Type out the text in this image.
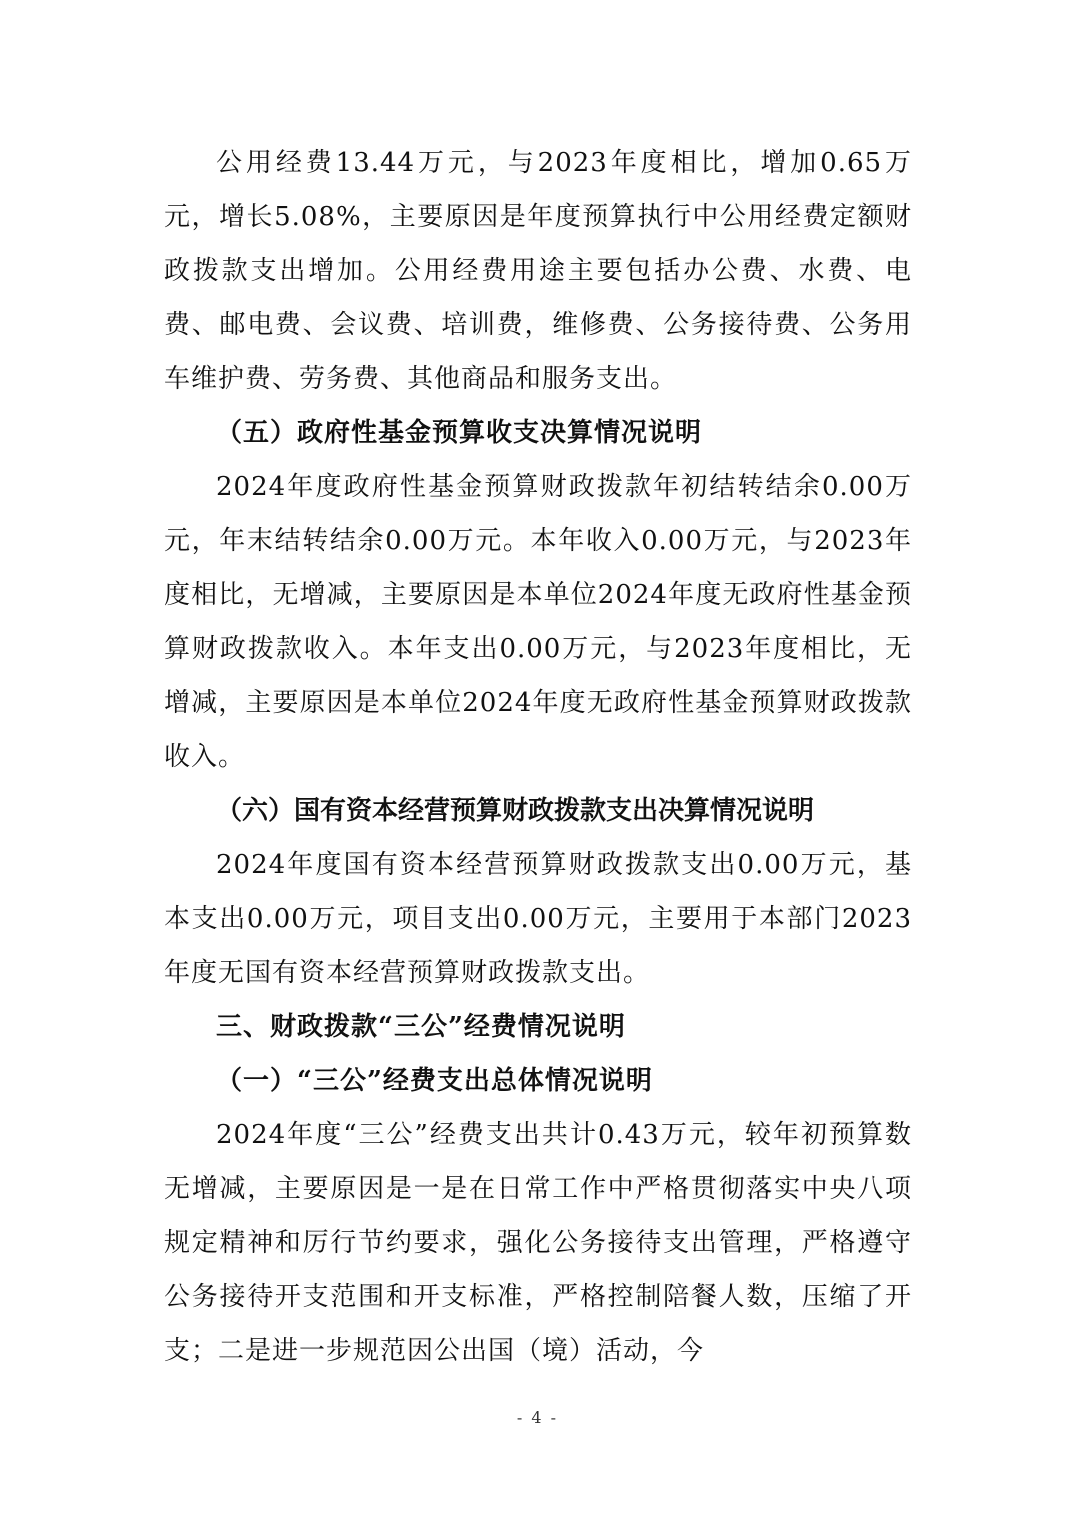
公用经费13.44万元，与2023年度相比，增加0.65万元，增长5.08%，主要原因是年度预算执行中公用经费定额财政拨款支出增加。公用经费用途主要包括办公费、水费、电费、邮电费、会议费、培训费，维修费、公务接待费、公务用车维护费、劳务费、其他商品和服务支出。

（五）政府性基金预算收支决算情况说明

2024年度政府性基金预算财政拨款年初结转结余0.00万元，年末结转结余0.00万元。本年收入0.00万元，与2023年度相比，无增减，主要原因是本单位2024年度无政府性基金预算财政拨款收入。本年支出0.00万元，与2023年度相比，无增减，主要原因是本单位2024年度无政府性基金预算财政拨款收入。

（六）国有资本经营预算财政拨款支出决算情况说明

2024年度国有资本经营预算财政拨款支出0.00万元，基本支出0.00万元，项目支出0.00万元，主要用于本部门2023年度无国有资本经营预算财政拨款支出。

三、财政拨款“三公”经费情况说明

（一）“三公”经费支出总体情况说明

2024年度“三公”经费支出共计0.43万元，较年初预算数无增减，主要原因是一是在日常工作中严格贯彻落实中央八项规定精神和厉行节约要求，强化公务接待支出管理，严格遵守公务接待开支范围和开支标准，严格控制陪餐人数，压缩了开支；二是进一步规范因公出国（境）活动，今

- 4 -
